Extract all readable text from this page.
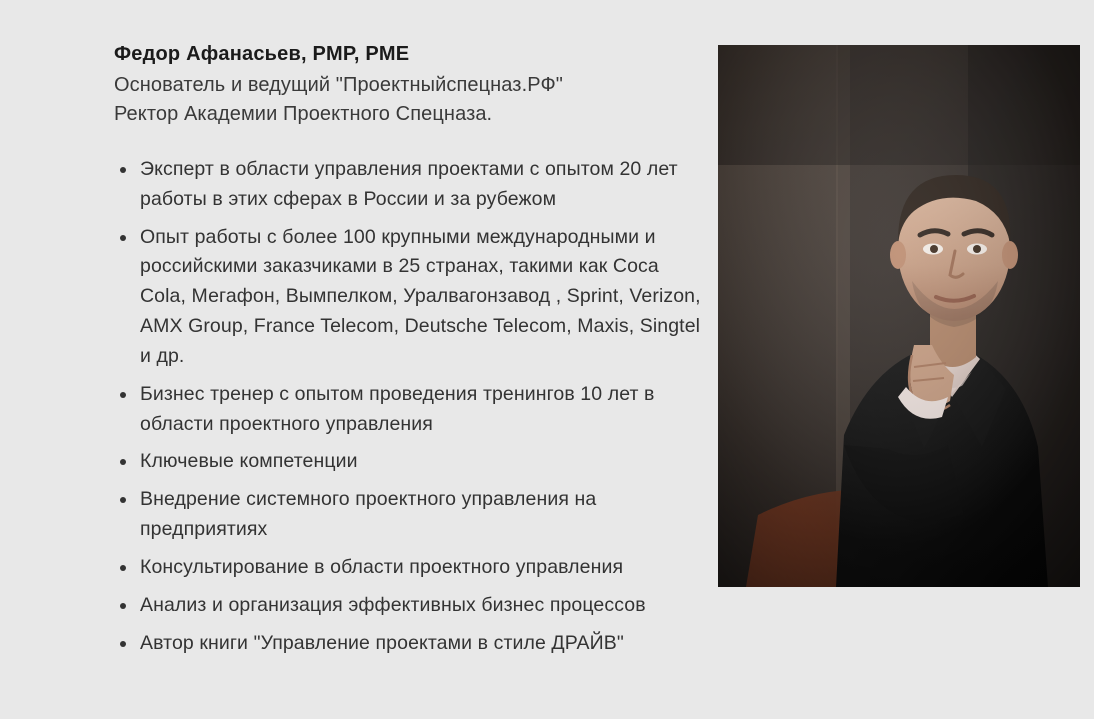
Федор Афанасьев, PMP, PME

Основатель и ведущий "Проектныйспецназ.РФ"

Ректор Академии Проектного Спецназа.

Эксперт в области управления проектами с опытом 20 лет работы в этих сферах в России и за рубежом
Опыт работы с более 100 крупными международными и российскими заказчиками в 25 странах, такими как Coca Cola, Мегафон, Вымпелком, Уралвагонзавод , Sprint, Verizon, AMX Group, France Telecom, Deutsche Telecom, Maxis, Singtel и др.
Бизнес тренер с опытом проведения тренингов 10 лет в области проектного управления
Ключевые компетенции
Внедрение системного проектного управления на предприятиях
Консультирование в области проектного управления
Анализ и организация эффективных бизнес процессов
Автор книги "Управление проектами в стиле ДРАЙВ"
